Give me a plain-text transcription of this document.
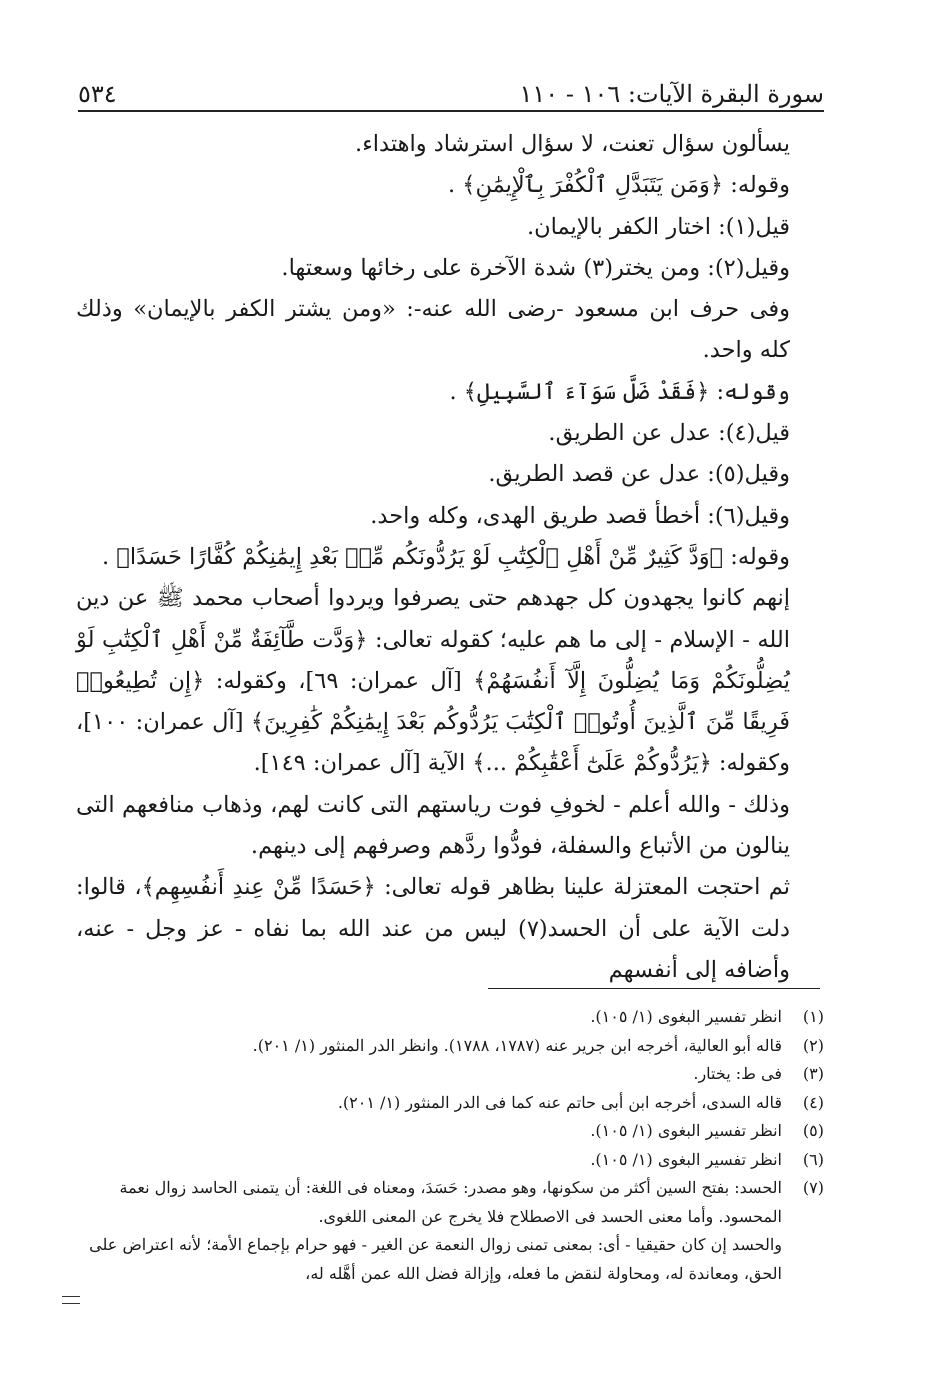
سورة البقرة الآيات: ١٠٦ - ١١٠
٥٣٤

يسألون سؤال تعنت، لا سؤال استرشاد واهتداء.

وقوله: ﴿وَمَن يَتَبَدَّلِ ٱلْكُفْرَ بِٱلْإِيمَٰنِ﴾ .

قيل(١): اختار الكفر بالإيمان.

وقيل(٢): ومن يختر(٣) شدة الآخرة على رخائها وسعتها.

وفى حرف ابن مسعود -رضى الله عنه-: «ومن يشتر الكفر بالإيمان» وذلك كله واحد.

وقوله: ﴿فَقَدْ ضَلَّ سَوَآءَ ٱلسَّبِيلِ﴾ .

قيل(٤): عدل عن الطريق.

وقيل(٥): عدل عن قصد الطريق.

وقيل(٦): أخطأ قصد طريق الهدى، وكله واحد.

وقوله: ﴿وَدَّ كَثِيرٌ مِّنْ أَهْلِ ٱلْكِتَٰبِ لَوْ يَرُدُّونَكُم مِّنۢ بَعْدِ إِيمَٰنِكُمْ كُفَّارًا حَسَدًا﴾ .

إنهم كانوا يجهدون كل جهدهم حتى يصرفوا ويردوا أصحاب محمد ﷺ عن دين الله - الإسلام - إلى ما هم عليه؛ كقوله تعالى: ﴿وَدَّت طَّآئِفَةٌ مِّنْ أَهْلِ ٱلْكِتَٰبِ لَوْ يُضِلُّونَكُمْ وَمَا يُضِلُّونَ إِلَّآ أَنفُسَهُمْ﴾ [آل عمران: ٦٩]، وكقوله: ﴿إِن تُطِيعُوا۟ فَرِيقًا مِّنَ ٱلَّذِينَ أُوتُوا۟ ٱلْكِتَٰبَ يَرُدُّوكُم بَعْدَ إِيمَٰنِكُمْ كَٰفِرِينَ﴾ [آل عمران: ١٠٠]، وكقوله: ﴿يَرُدُّوكُمْ عَلَىٰٓ أَعْقَٰبِكُمْ ...﴾ الآية [آل عمران: ١٤٩].

وذلك - والله أعلم - لخوفِ فوت رياستهم التى كانت لهم، وذهاب منافعهم التى ينالون من الأتباع والسفلة، فودُّوا ردَّهم وصرفهم إلى دينهم.

ثم احتجت المعتزلة علينا بظاهر قوله تعالى: ﴿حَسَدًا مِّنْ عِندِ أَنفُسِهِم﴾، قالوا: دلت الآية على أن الحسد(٧) ليس من عند الله بما نفاه - عز وجل - عنه، وأضافه إلى أنفسهم

(١)
انظر تفسير البغوى (١/ ١٠٥).
(٢)
قاله أبو العالية، أخرجه ابن جرير عنه (١٧٨٧، ١٧٨٨). وانظر الدر المنثور (١/ ٢٠١).
(٣)
فى ط: يختار.
(٤)
قاله السدى، أخرجه ابن أبى حاتم عنه كما فى الدر المنثور (١/ ٢٠١).
(٥)
انظر تفسير البغوى (١/ ١٠٥).
(٦)
انظر تفسير البغوى (١/ ١٠٥).
(٧)
الحسد: بفتح السين أكثر من سكونها، وهو مصدر: حَسَدَ، ومعناه فى اللغة: أن يتمنى الحاسد زوال نعمة المحسود. وأما معنى الحسد فى الاصطلاح فلا يخرج عن المعنى اللغوى.
والحسد إن كان حقيقيا - أى: بمعنى تمنى زوال النعمة عن الغير - فهو حرام بإجماع الأمة؛ لأنه اعتراض على الحق، ومعاندة له، ومحاولة لنقض ما فعله، وإزالة فضل الله عمن أهَّله له،
